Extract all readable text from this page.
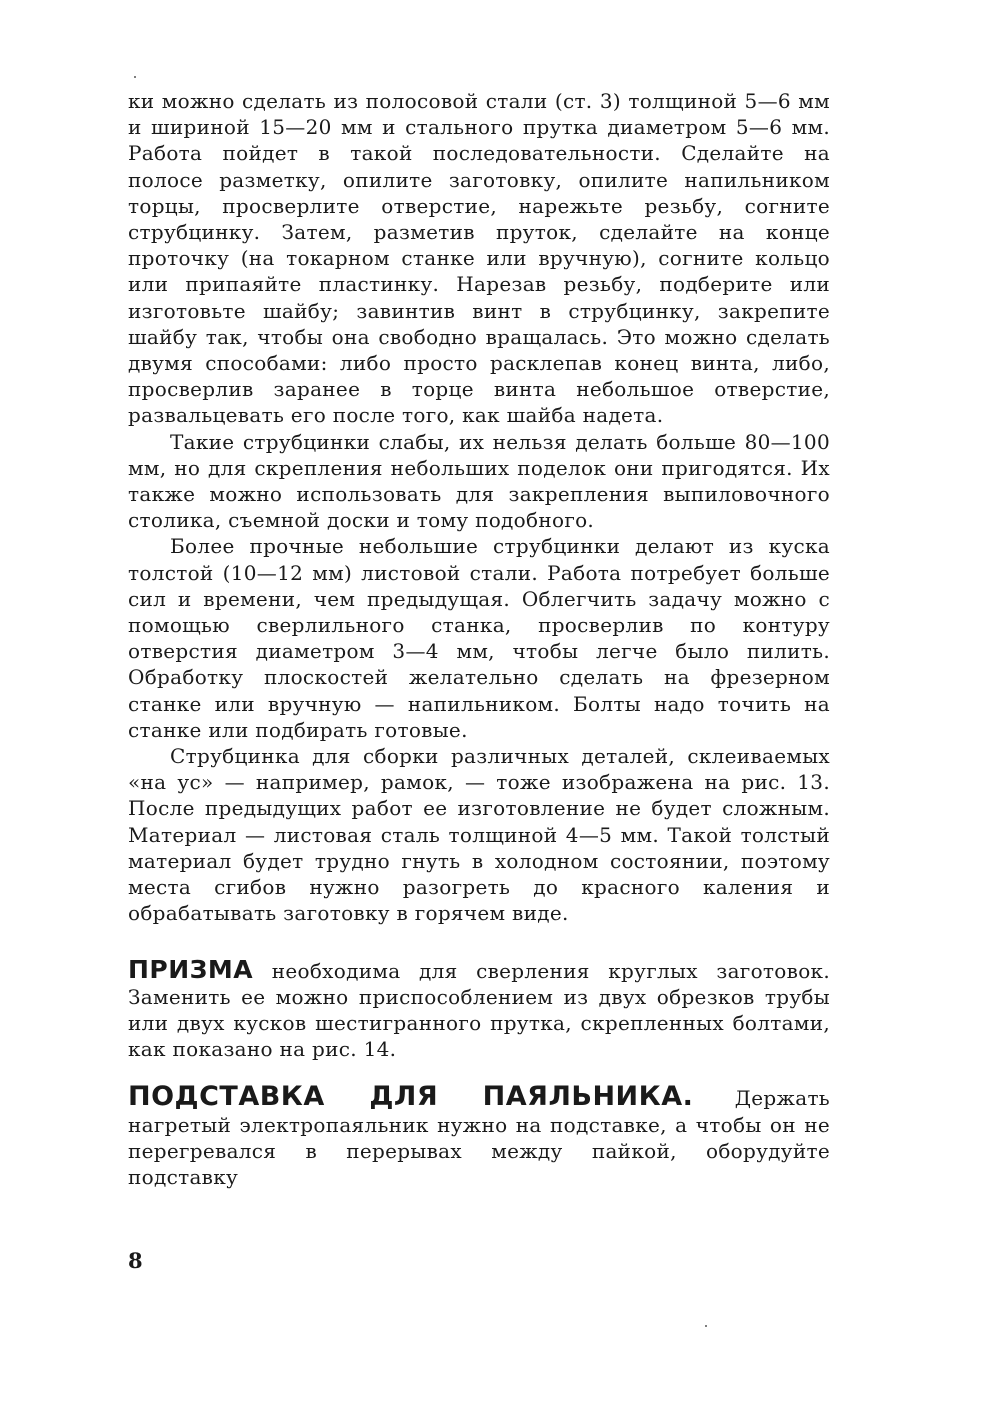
ки можно сделать из полосовой стали (ст. 3) толщиной 5—6 мм и шириной 15—20 мм и стального прутка диаметром 5—6 мм. Работа пойдет в такой последовательности. Сделайте на полосе разметку, опилите заготовку, опилите напильником торцы, просверлите отверстие, нарежьте резьбу, согните струбцинку. Затем, разметив пруток, сделайте на конце проточку (на токарном станке или вручную), согните кольцо или припаяйте пластинку. Нарезав резьбу, подберите или изготовьте шайбу; завинтив винт в струбцинку, закрепите шайбу так, чтобы она свободно вращалась. Это можно сделать двумя способами: либо просто расклепав конец винта, либо, просверлив заранее в торце винта небольшое отверстие, развальцевать его после того, как шайба надета.

Такие струбцинки слабы, их нельзя делать больше 80—100 мм, но для скрепления небольших поделок они пригодятся. Их также можно использовать для закрепления выпиловочного столика, съемной доски и тому подобного.

Более прочные небольшие струбцинки делают из куска толстой (10—12 мм) листовой стали. Работа потребует больше сил и времени, чем предыдущая. Облегчить задачу можно с помощью сверлильного станка, просверлив по контуру отверстия диаметром 3—4 мм, чтобы легче было пилить. Обработку плоскостей желательно сделать на фрезерном станке или вручную — напильником. Болты надо точить на станке или подбирать готовые.

Струбцинка для сборки различных деталей, склеиваемых «на ус» — например, рамок, — тоже изображена на рис. 13. После предыдущих работ ее изготовление не будет сложным. Материал — листовая сталь толщиной 4—5 мм. Такой толстый материал будет трудно гнуть в холодном состоянии, поэтому места сгибов нужно разогреть до красного каления и обрабатывать заготовку в горячем виде.

ПРИЗМА необходима для сверления круглых заготовок. Заменить ее можно приспособлением из двух обрезков трубы или двух кусков шестигранного прутка, скрепленных болтами, как показано на рис. 14.

ПОДСТАВКА ДЛЯ ПАЯЛЬНИКА. Держать нагретый электропаяльник нужно на подставке, а чтобы он не перегревался в перерывах между пайкой, оборудуйте подставку

8
